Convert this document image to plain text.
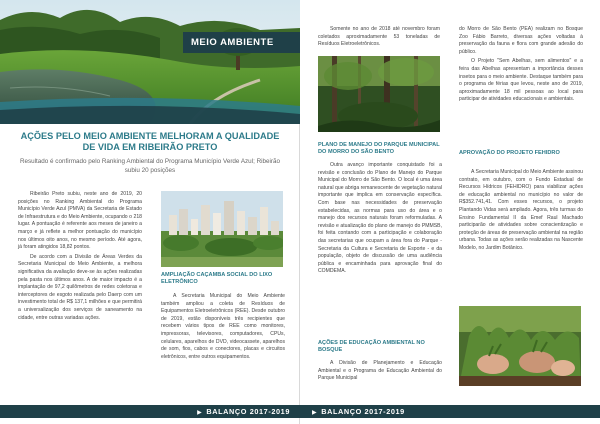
MEIO AMBIENTE
AÇÕES PELO MEIO AMBIENTE MELHORAM A QUALIDADE DE VIDA EM RIBEIRÃO PRETO

Resultado é confirmado pelo Ranking Ambiental do Programa Município Verde Azul; Ribeirão subiu 20 posições

Ribeirão Preto subiu, neste ano de 2019, 20 posições no Ranking Ambiental do Programa Município Verde Azul (PMVA) da Secretaria de Estado de Infraestrutura e do Meio Ambiente, ocupando o 218 lugar. A pontuação é referente aos meses de janeiro a março e já reflete a melhor pontuação do município nos últimos oito anos, no mesmo período. Até agora, já foram atingidos 18,82 pontos.

De acordo com a Divisão de Áreas Verdes da Secretaria Municipal do Meio Ambiente, a melhora significativa da avaliação deve-se às ações realizadas pela pasta nos últimos anos. A de maior impacto é a implantação de 97,2 quilômetros de redes coletoras e interceptores de esgoto realizada pelo Daerp com um investimento total de R$ 137,1 milhões e que permitirá a universalização dos serviços de saneamento na cidade, entre outras variadas ações.

AMPLIAÇÃO CAÇAMBA SOCIAL DO LIXO ELETRÔNICO

A Secretaria Municipal do Meio Ambiente também ampliou a coleta de Resíduos de Equipamentos Eletroeletrônicos (REE). Desde outubro de 2019, estão disponíveis três recipientes que recebem vários tipos de REE como monitores, impressoras, televisores, computadores, CPUs, celulares, aparelhos de DVD, videocassete, aparelhos de som, fios, cabos e conectores, placas e circuitos eletrônicos, entre outros equipamentos.

▶ BALANÇO 2017-2019

Somente no ano de 2018 até novembro foram coletados aproximadamente 53 toneladas de Resíduos Eletroeletrônicos.

PLANO DE MANEJO DO PARQUE MUNICIPAL DO MORRO DO SÃO BENTO

Outra avanço importante conquistado foi a revisão e conclusão do Plano de Manejo do Parque Municipal do Morro de São Bento. O local é uma área natural que abriga remanescente de vegetação natural importante que implica em conservação específica. Com base nas necessidades de preservação estabelecidas, as normas para uso do área e o manejo dos recursos naturais foram reformuladas. A revisão e atualização do plano de manejo do PMMSB, foi feita contando com a participação e colaboração das secretarias que ocupam a área fora do Parque - Secretaria da Cultura e Secretaria de Esporte - e da população, objeto de discussão de uma audiência pública e encaminhada para aprovação final do COMDEMA.

AÇÕES DE EDUCAÇÃO AMBIENTAL NO BOSQUE

A Divisão de Planejamento e Educação Ambiental e o Programa de Educação Ambiental do Parque Municipal

do Morro de São Bento (PEA) realizam no Bosque Zoo Fábio Barreto, diversas ações voltadas à preservação da fauna e flora com grande adesão do público.

O Projeto "Sem Abelhas, sem alimentos" e a feira das Abelhas apresentam a importância desses insetos para o meio ambiente. Destaque também para o programa de férias que levou, neste ano de 2019, aproximadamente 18 mil pessoas ao local para participar de atividades educacionais e ambientais.

APROVAÇÃO DO PROJETO FEHIDRO

A Secretaria Municipal do Meio Ambiente assinou contrato, em outubro, com o Fundo Estadual de Recursos Hídricos (FEHIDRO) para viabilizar ações de educação ambiental no município no valor de R$352.741,41. Com esses recursos, o projeto Plantando Vidas será ampliado. Agora, três turmas do Ensino Fundamental II da Emef Raul Machado participarão de atividades sobre conscientização e proteção de áreas de preservação ambiental na região urbana. Todas as ações serão realizadas na Nascente Modelo, no Jardim Botânico.

▶ BALANÇO 2017-2019
